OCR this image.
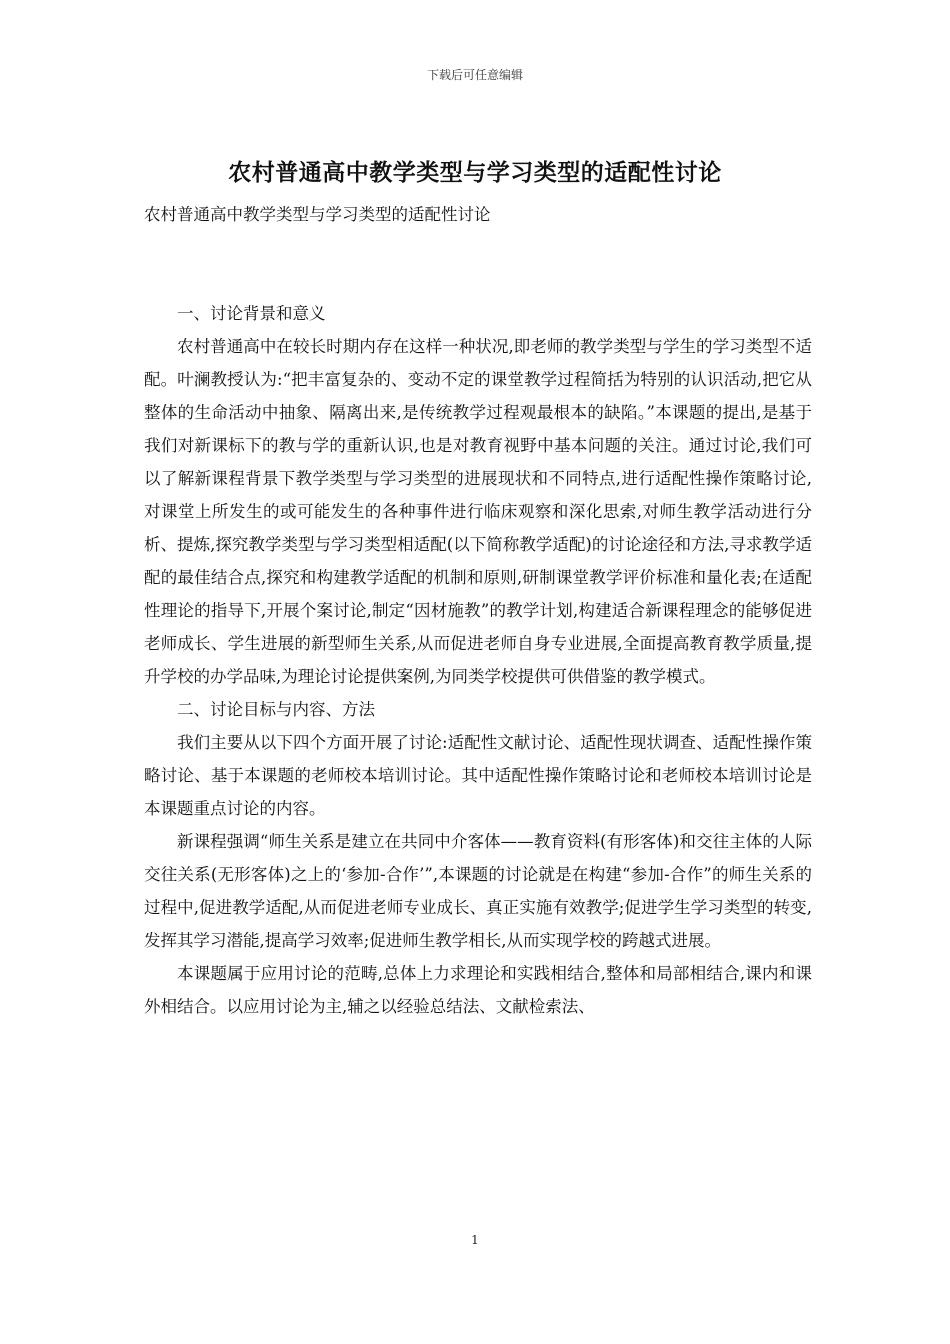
下载后可任意编辑
农村普通高中教学类型与学习类型的适配性讨论

农村普通高中教学类型与学习类型的适配性讨论

一、讨论背景和意义

农村普通高中在较长时期内存在这样一种状况,即老师的教学类型与学生的学习类型不适配。叶澜教授认为:“把丰富复杂的、变动不定的课堂教学过程简括为特别的认识活动,把它从整体的生命活动中抽象、隔离出来,是传统教学过程观最根本的缺陷。”本课题的提出,是基于我们对新课标下的教与学的重新认识,也是对教育视野中基本问题的关注。通过讨论,我们可以了解新课程背景下教学类型与学习类型的进展现状和不同特点,进行适配性操作策略讨论,对课堂上所发生的或可能发生的各种事件进行临床观察和深化思索,对师生教学活动进行分析、提炼,探究教学类型与学习类型相适配(以下简称教学适配)的讨论途径和方法,寻求教学适配的最佳结合点,探究和构建教学适配的机制和原则,研制课堂教学评价标准和量化表;在适配性理论的指导下,开展个案讨论,制定“因材施教”的教学计划,构建适合新课程理念的能够促进老师成长、学生进展的新型师生关系,从而促进老师自身专业进展,全面提高教育教学质量,提升学校的办学品味,为理论讨论提供案例,为同类学校提供可供借鉴的教学模式。

二、讨论目标与内容、方法

我们主要从以下四个方面开展了讨论:适配性文献讨论、适配性现状调查、适配性操作策略讨论、基于本课题的老师校本培训讨论。其中适配性操作策略讨论和老师校本培训讨论是本课题重点讨论的内容。

新课程强调“师生关系是建立在共同中介客体——教育资料(有形客体)和交往主体的人际交往关系(无形客体)之上的‘参加-合作’”,本课题的讨论就是在构建“参加-合作”的师生关系的过程中,促进教学适配,从而促进老师专业成长、真正实施有效教学;促进学生学习类型的转变,发挥其学习潜能,提高学习效率;促进师生教学相长,从而实现学校的跨越式进展。

本课题属于应用讨论的范畴,总体上力求理论和实践相结合,整体和局部相结合,课内和课外相结合。以应用讨论为主,辅之以经验总结法、文献检索法、

1
